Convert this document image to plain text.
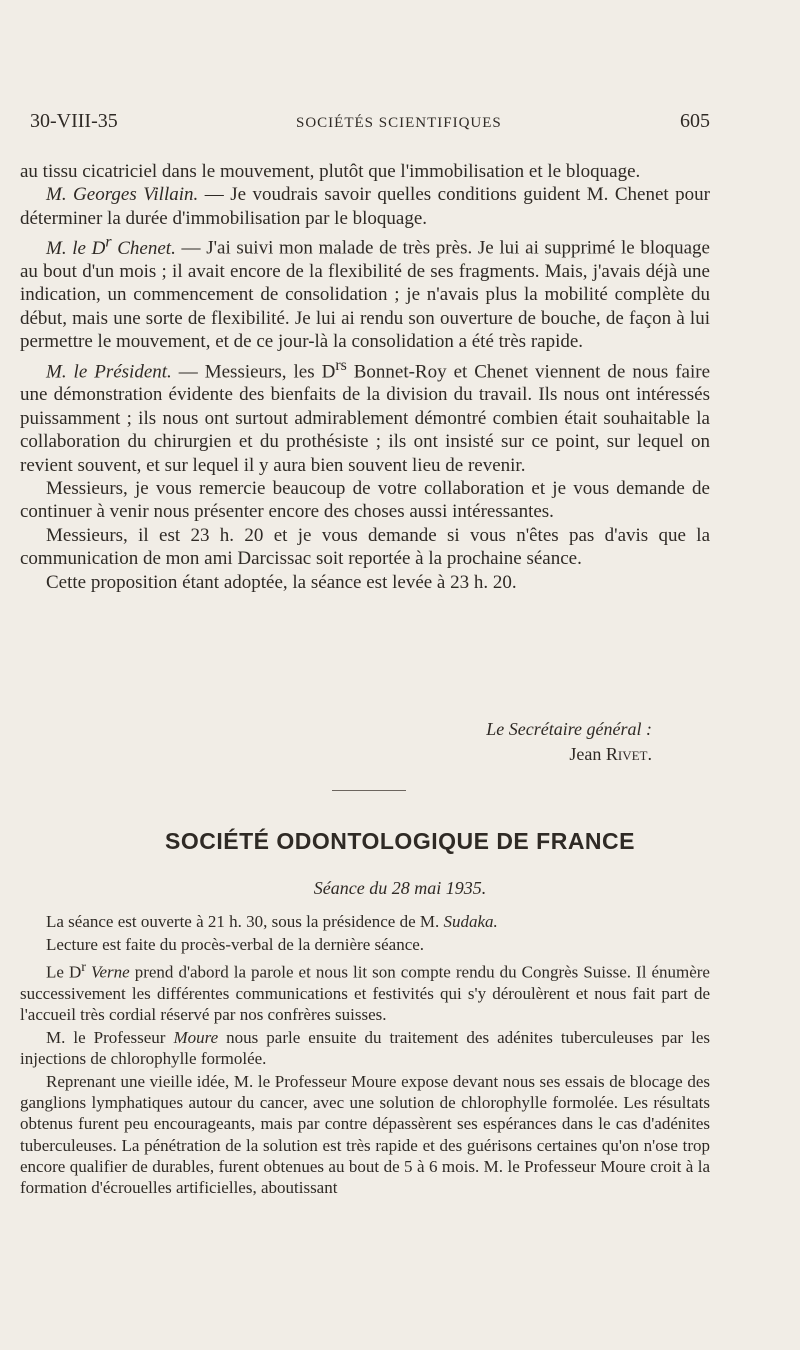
30-VIII-35	SOCIÉTÉS SCIENTIFIQUES	605

au tissu cicatriciel dans le mouvement, plutôt que l'immobilisation et le bloquage.

M. Georges Villain. — Je voudrais savoir quelles conditions guident M. Chenet pour déterminer la durée d'immobilisation par le bloquage.

M. le $D^r$ Chenet. — J'ai suivi mon malade de très près. Je lui ai supprimé le bloquage au bout d'un mois ; il avait encore de la flexibilité de ses fragments. Mais, j'avais déjà une indication, un commencement de consolidation ; je n'avais plus la mobilité complète du début, mais une sorte de flexibilité. Je lui ai rendu son ouverture de bouche, de façon à lui permettre le mouvement, et de ce jour-là la consolidation a été très rapide.

M. le Président. — Messieurs, les $D^{rs}$ Bonnet-Roy et Chenet viennent de nous faire une démonstration évidente des bienfaits de la division du travail. Ils nous ont intéressés puissamment ; ils nous ont surtout admirablement démontré combien était souhaitable la collaboration du chirurgien et du prothésiste ; ils ont insisté sur ce point, sur lequel on revient souvent, et sur lequel il y aura bien souvent lieu de revenir.

Messieurs, je vous remercie beaucoup de votre collaboration et je vous demande de continuer à venir nous présenter encore des choses aussi intéressantes.

Messieurs, il est 23 h. 20 et je vous demande si vous n'êtes pas d'avis que la communication de mon ami Darcissac soit reportée à la prochaine séance.

Cette proposition étant adoptée, la séance est levée à 23 h. 20.

Le Secrétaire général :
Jean Rivet.
SOCIÉTÉ ODONTOLOGIQUE DE FRANCE
Séance du 28 mai 1935.

La séance est ouverte à 21 h. 30, sous la présidence de M. Sudaka.

Lecture est faite du procès-verbal de la dernière séance.

Le $D^r$ Verne prend d'abord la parole et nous lit son compte rendu du Congrès Suisse. Il énumère successivement les différentes communications et festivités qui s'y déroulèrent et nous fait part de l'accueil très cordial réservé par nos confrères suisses.

M. le Professeur Moure nous parle ensuite du traitement des adénites tuberculeuses par les injections de chlorophylle formolée.

Reprenant une vieille idée, M. le Professeur Moure expose devant nous ses essais de blocage des ganglions lymphatiques autour du cancer, avec une solution de chlorophylle formolée. Les résultats obtenus furent peu encourageants, mais par contre dépassèrent ses espérances dans le cas d'adénites tuberculeuses. La pénétration de la solution est très rapide et des guérisons certaines qu'on n'ose trop encore qualifier de durables, furent obtenues au bout de 5 à 6 mois. M. le Professeur Moure croit à la formation d'écrouelles artificielles, aboutissant
